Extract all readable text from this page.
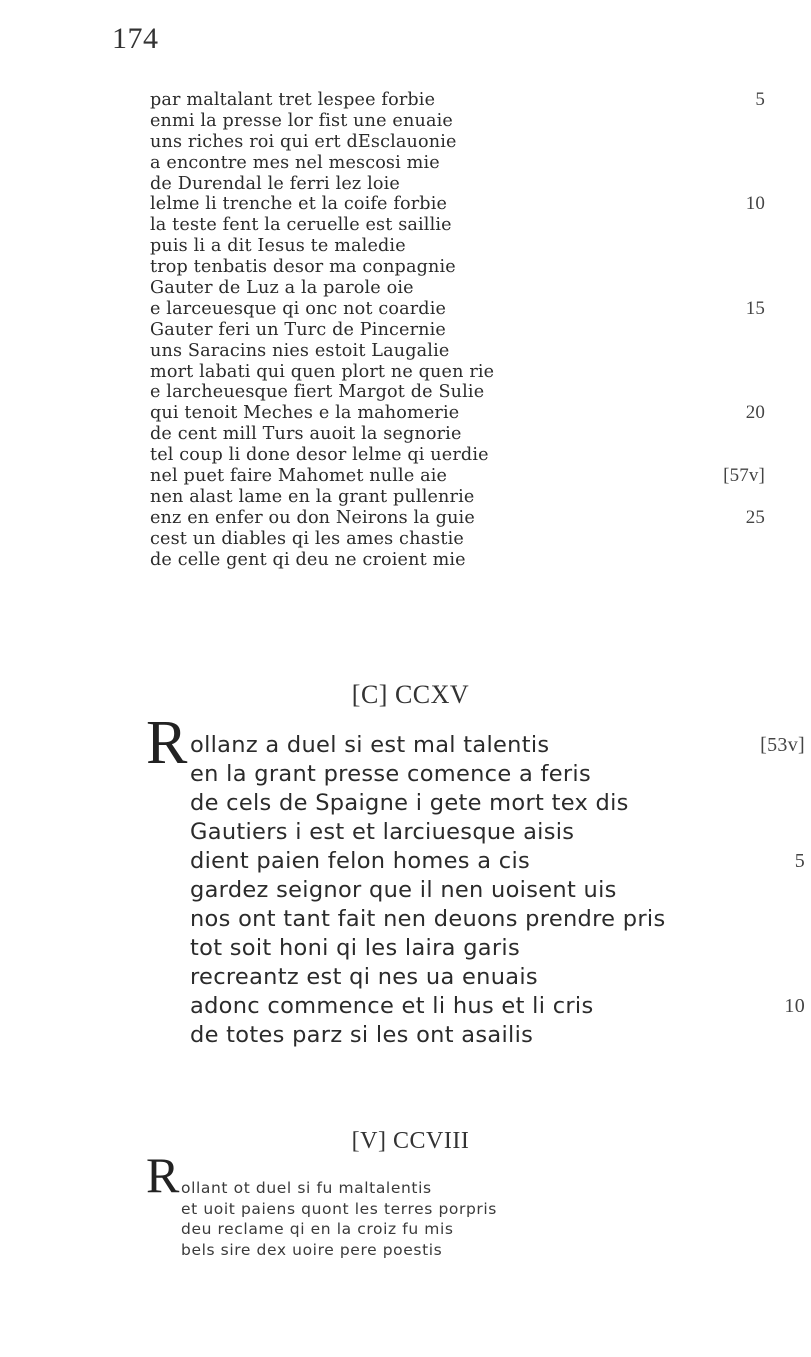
174
par maltalant tret lespee forbie	5
enmi la presse lor fist une enuaie
uns riches roi qui ert dEsclauonie
a encontre mes nel mescosi mie
de Durendal le ferri lez loie
lelme li trenche et la coife forbie	10
la teste fent la ceruelle est saillie
puis li a dit Iesus te maledie
trop tenbatis desor ma conpagnie
Gauter de Luz a la parole oie
e larceuesque qi onc not coardie	15
Gauter feri un Turc de Pincernie
uns Saracins nies estoit Laugalie
mort labati qui quen plort ne quen rie
e larcheuesque fiert Margot de Sulie
qui tenoit Meches e la mahomerie	20
de cent mill Turs auoit la segnorie
tel coup li done desor lelme qi uerdie
nel puet faire Mahomet nulle aie	[57v]
nen alast lame en la grant pullenrie
enz en enfer ou don Neirons la guie	25
cest un diables qi les ames chastie
de celle gent qi deu ne croient mie
[C] CCXV
R ollanz a duel si est mal talentis	[53v]
en la grant presse comence a feris
de cels de Spaigne i gete mort tex dis
Gautiers i est et larciuesque aisis
dient paien felon homes a cis	5
gardez seignor que il nen uoisent uis
nos ont tant fait nen deuons prendre pris
tot soit honi qi les laira garis
recreantz est qi nes ua enuais
adonc commence et li hus et li cris	10
de totes parz si les ont asailis
[V] CCVIII
R ollant ot duel si fu maltalentis
et uoit paiens quont les terres porpris
deu reclame qi en la croiz fu mis
bels sire dex uoire pere poestis
